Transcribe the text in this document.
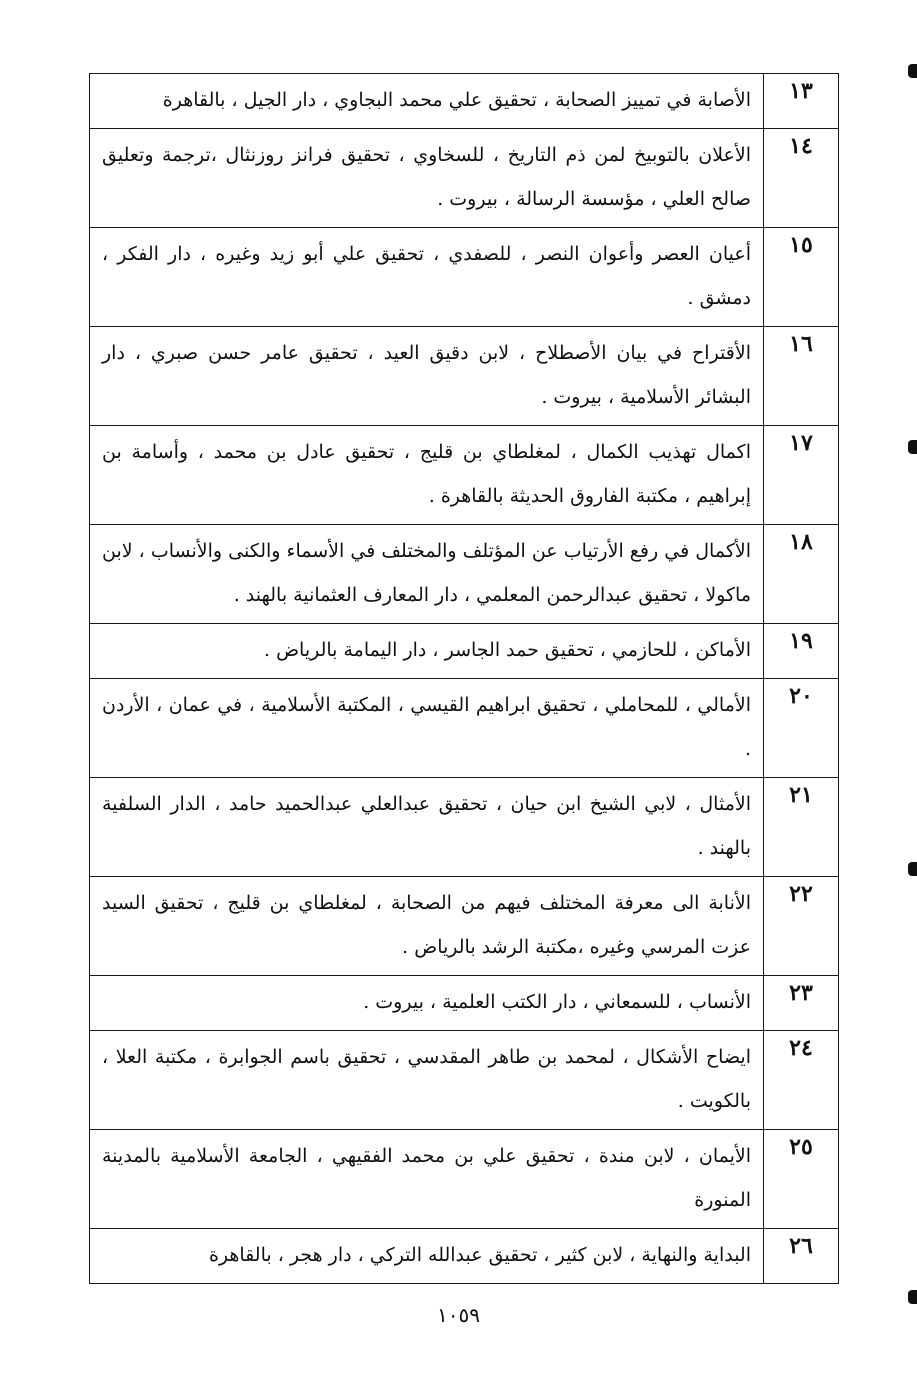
١٣	الأصابة في تمييز الصحابة ، تحقيق علي محمد البجاوي ، دار الجيل ، بالقاهرة
١٤	الأعلان بالتوبيخ لمن ذم التاريخ ، للسخاوي ، تحقيق فرانز روزنثال ،ترجمة وتعليق صالح العلي ، مؤسسة الرسالة ، بيروت .
١٥	أعيان العصر وأعوان النصر ، للصفدي ، تحقيق علي أبو زيد وغيره ، دار الفكر ، دمشق .
١٦	الأقتراح في بيان الأصطلاح ، لابن دقيق العيد ، تحقيق عامر حسن صبري ، دار البشائر الأسلامية ، بيروت .
١٧	اكمال تهذيب الكمال ، لمغلطاي بن قليج ، تحقيق عادل بن محمد ، وأسامة بن إبراهيم ، مكتبة الفاروق الحديثة بالقاهرة .
١٨	الأكمال في رفع الأرتياب عن المؤتلف والمختلف في الأسماء والكنى والأنساب ، لابن ماكولا ، تحقيق عبدالرحمن المعلمي ، دار المعارف العثمانية بالهند .
١٩	الأماكن ، للحازمي ، تحقيق حمد الجاسر ، دار اليمامة بالرياض .
٢٠	الأمالي ، للمحاملي ، تحقيق ابراهيم القيسي ، المكتبة الأسلامية ، في عمان ، الأردن .
٢١	الأمثال ، لابي الشيخ ابن حيان ، تحقيق عبدالعلي عبدالحميد حامد ، الدار السلفية بالهند .
٢٢	الأنابة الى معرفة المختلف فيهم من الصحابة ، لمغلطاي بن قليج ، تحقيق السيد عزت المرسي وغيره ،مكتبة الرشد بالرياض .
٢٣	الأنساب ، للسمعاني ، دار الكتب العلمية ، بيروت .
٢٤	ايضاح الأشكال ، لمحمد بن طاهر المقدسي ، تحقيق باسم الجوابرة ، مكتبة العلا ، بالكويت .
٢٥	الأيمان ، لابن مندة ، تحقيق علي بن محمد الفقيهي ، الجامعة الأسلامية بالمدينة المنورة
٢٦	البداية والنهاية ، لابن كثير ، تحقيق عبدالله التركي ، دار هجر ، بالقاهرة
١٠٥٩
